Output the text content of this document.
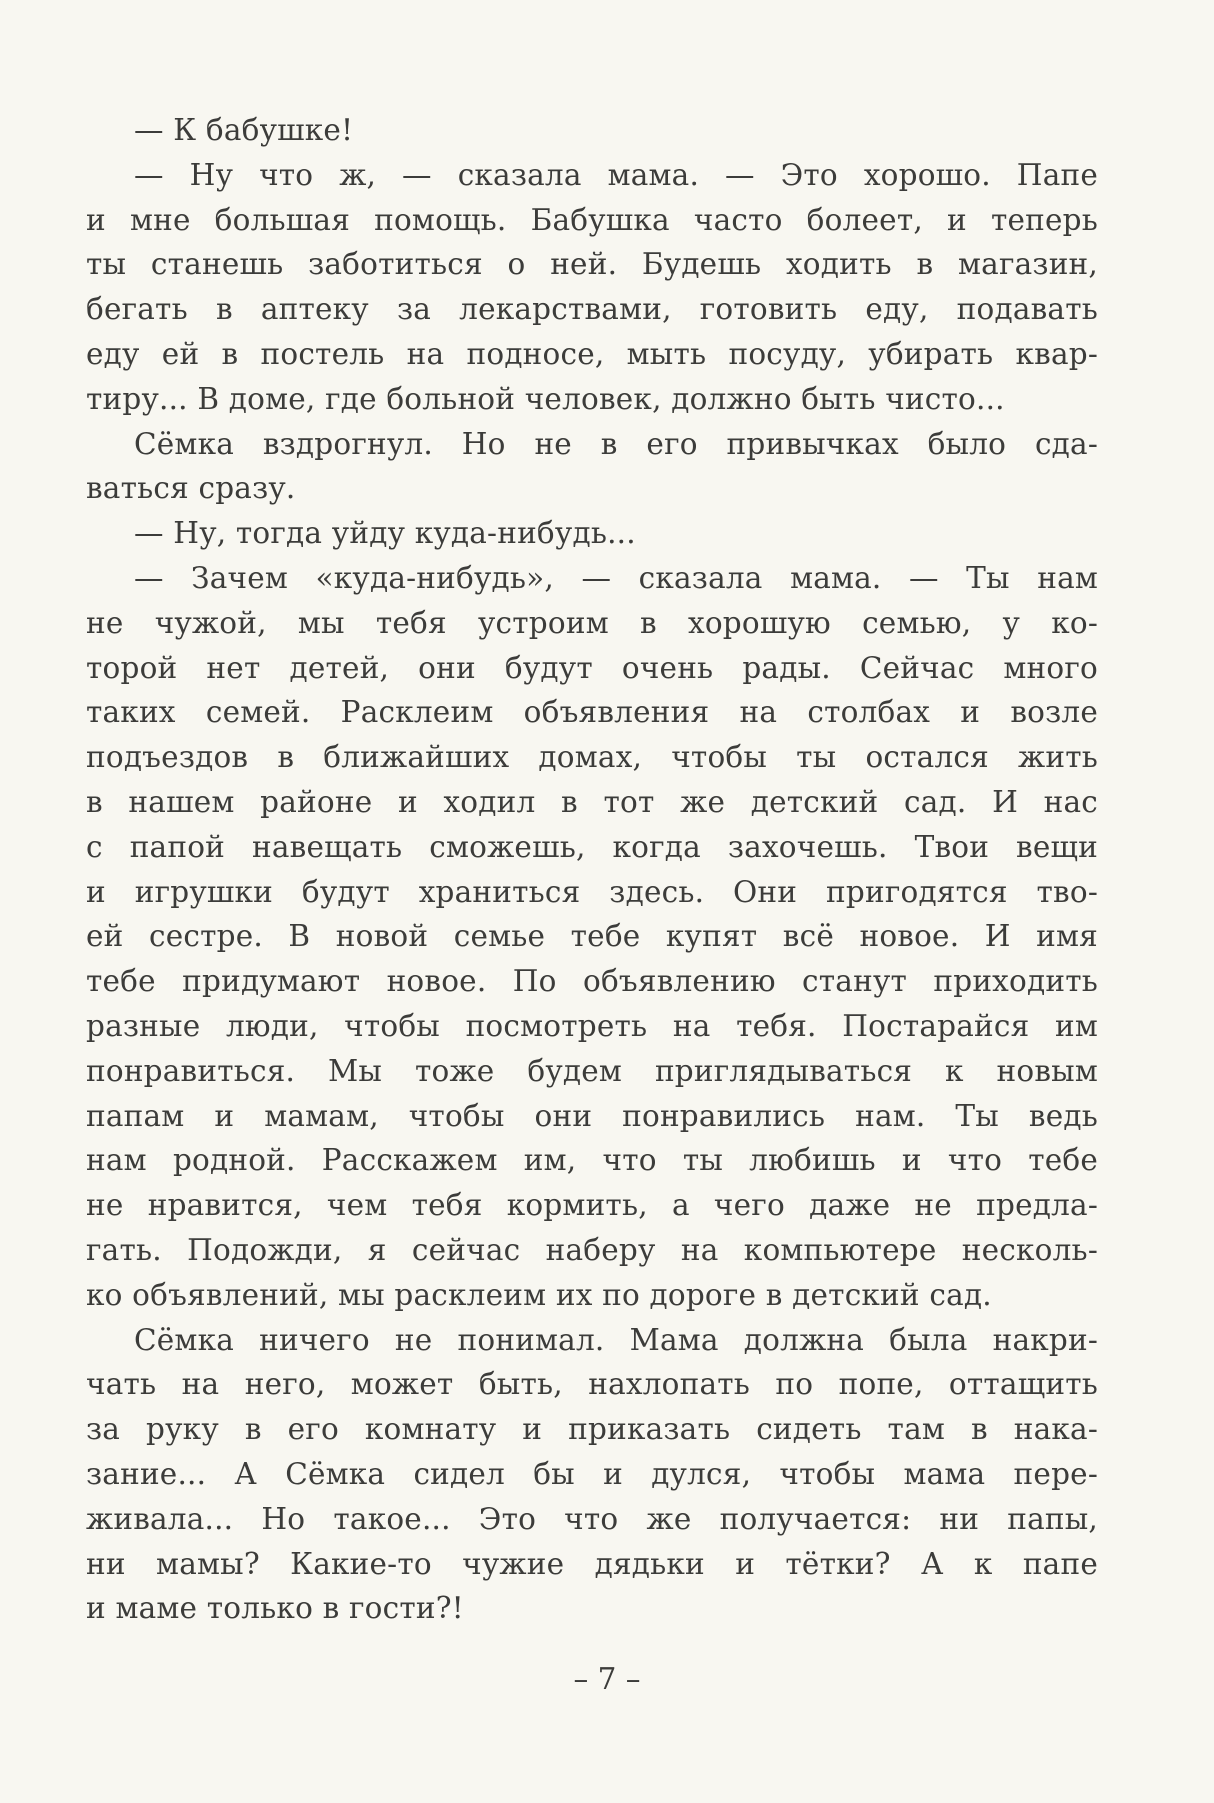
— К бабушке!
— Ну что ж, — сказала мама. — Это хорошо. Папе
и мне большая помощь. Бабушка часто болеет, и теперь
ты станешь заботиться о ней. Будешь ходить в магазин,
бегать в аптеку за лекарствами, готовить еду, подавать
еду ей в постель на подносе, мыть посуду, убирать квар-
тиру... В доме, где больной человек, должно быть чисто...
Сёмка вздрогнул. Но не в его привычках было сда-
ваться сразу.
— Ну, тогда уйду куда-нибудь...
— Зачем «куда-нибудь», — сказала мама. — Ты нам
не чужой, мы тебя устроим в хорошую семью, у ко-
торой нет детей, они будут очень рады. Сейчас много
таких семей. Расклеим объявления на столбах и возле
подъездов в ближайших домах, чтобы ты остался жить
в нашем районе и ходил в тот же детский сад. И нас
с папой навещать сможешь, когда захочешь. Твои вещи
и игрушки будут храниться здесь. Они пригодятся тво-
ей сестре. В новой семье тебе купят всё новое. И имя
тебе придумают новое. По объявлению станут приходить
разные люди, чтобы посмотреть на тебя. Постарайся им
понравиться. Мы тоже будем приглядываться к новым
папам и мамам, чтобы они понравились нам. Ты ведь
нам родной. Расскажем им, что ты любишь и что тебе
не нравится, чем тебя кормить, а чего даже не предла-
гать. Подожди, я сейчас наберу на компьютере несколь-
ко объявлений, мы расклеим их по дороге в детский сад.
Сёмка ничего не понимал. Мама должна была накри-
чать на него, может быть, нахлопать по попе, оттащить
за руку в его комнату и приказать сидеть там в нака-
зание... А Сёмка сидел бы и дулся, чтобы мама пере-
живала... Но такое... Это что же получается: ни папы,
ни мамы? Какие-то чужие дядьки и тётки? А к папе
и маме только в гости?!
– 7 –
